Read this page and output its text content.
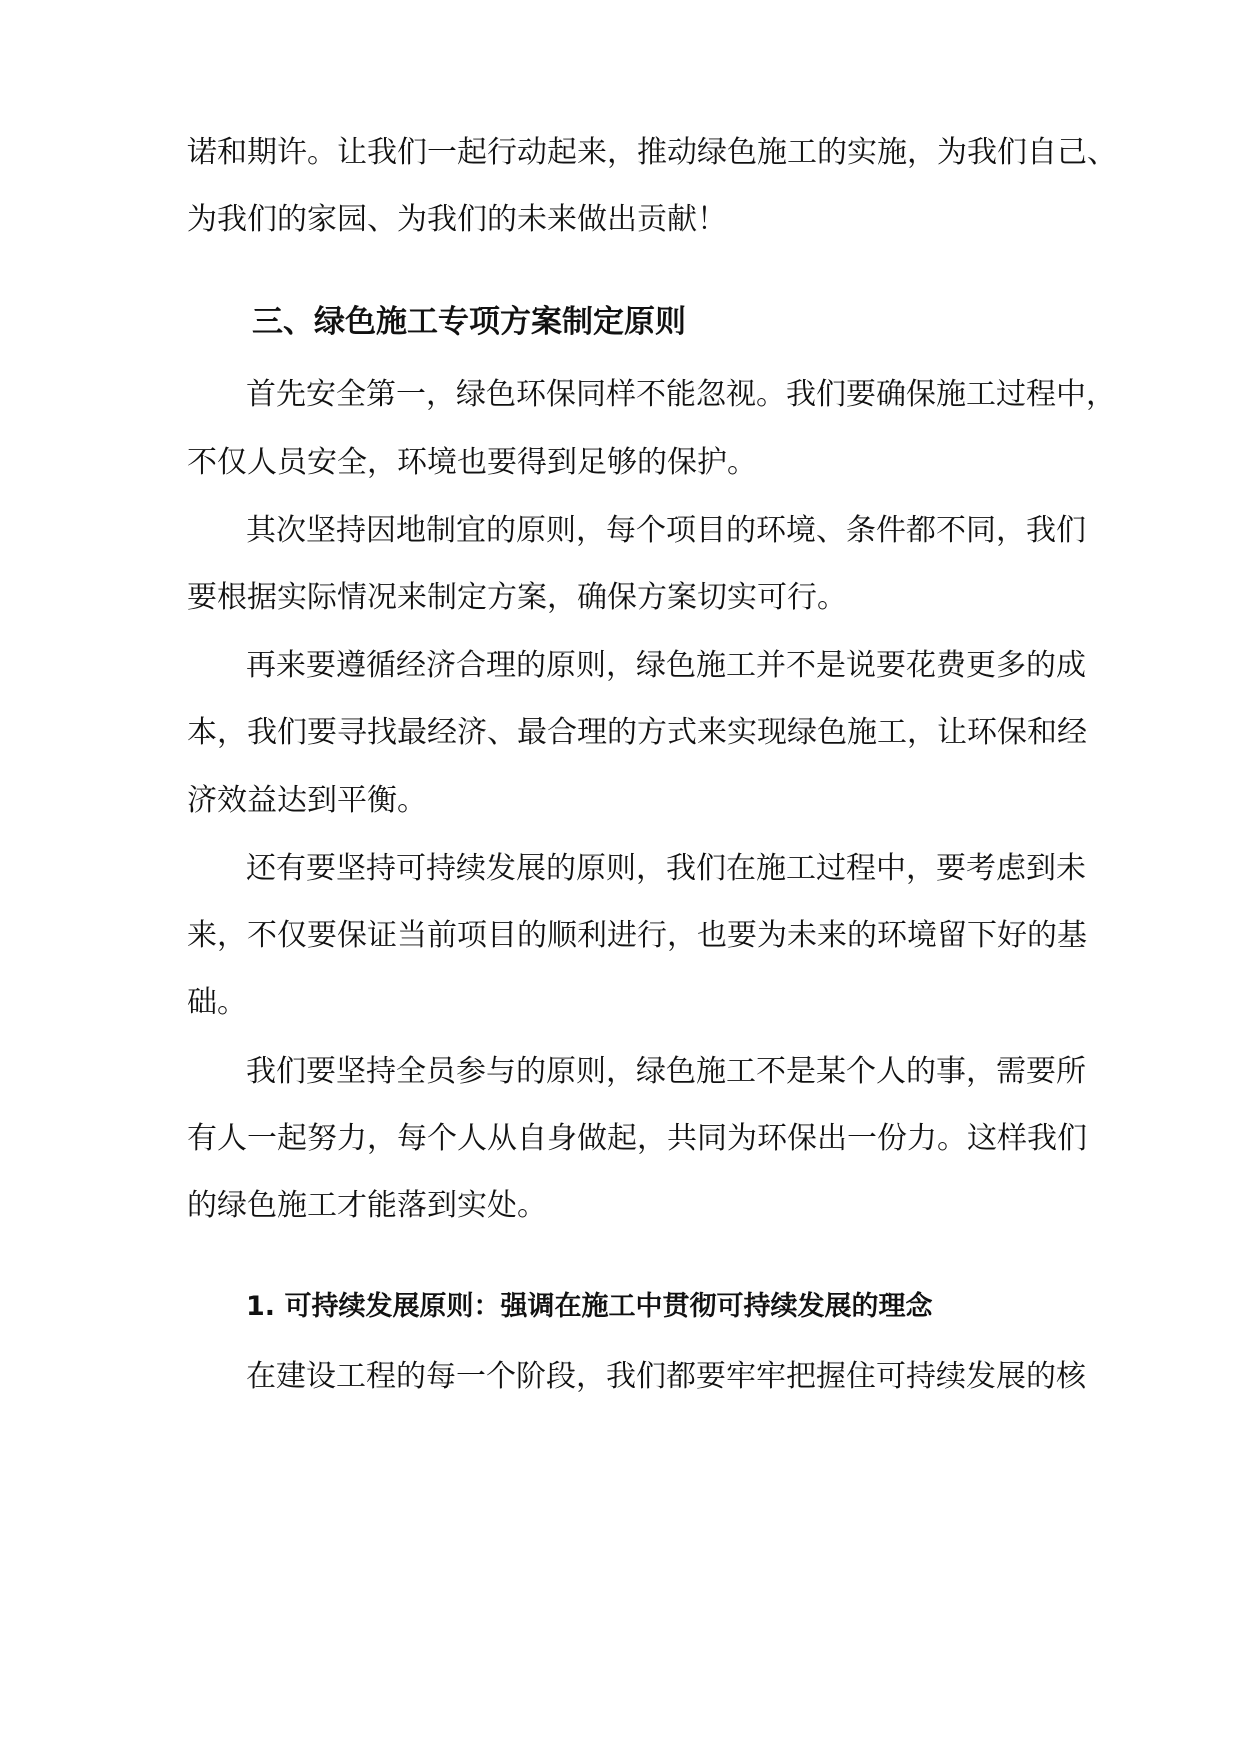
诺和期许。让我们一起行动起来，推动绿色施工的实施，为我们自己、
为我们的家园、为我们的未来做出贡献！
三、绿色施工专项方案制定原则
首先安全第一，绿色环保同样不能忽视。我们要确保施工过程中，
不仅人员安全，环境也要得到足够的保护。
其次坚持因地制宜的原则，每个项目的环境、条件都不同，我们
要根据实际情况来制定方案，确保方案切实可行。
再来要遵循经济合理的原则，绿色施工并不是说要花费更多的成
本，我们要寻找最经济、最合理的方式来实现绿色施工，让环保和经
济效益达到平衡。
还有要坚持可持续发展的原则，我们在施工过程中，要考虑到未
来，不仅要保证当前项目的顺利进行，也要为未来的环境留下好的基
础。
我们要坚持全员参与的原则，绿色施工不是某个人的事，需要所
有人一起努力，每个人从自身做起，共同为环保出一份力。这样我们
的绿色施工才能落到实处。
1. 可持续发展原则：强调在施工中贯彻可持续发展的理念
在建设工程的每一个阶段，我们都要牢牢把握住可持续发展的核
